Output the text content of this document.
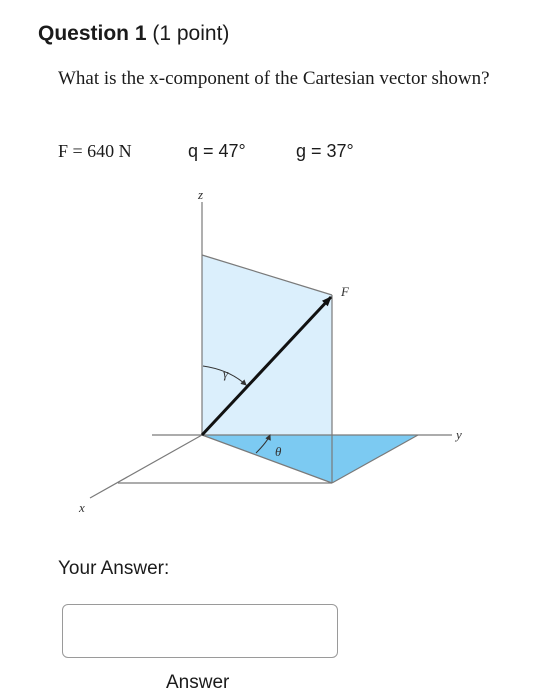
Question 1 (1 point)
What is the x-component of the Cartesian vector shown?
F = 640 N	q = 47°	g = 37°
z
y
x
F
γ
θ
Your Answer:
Answer
